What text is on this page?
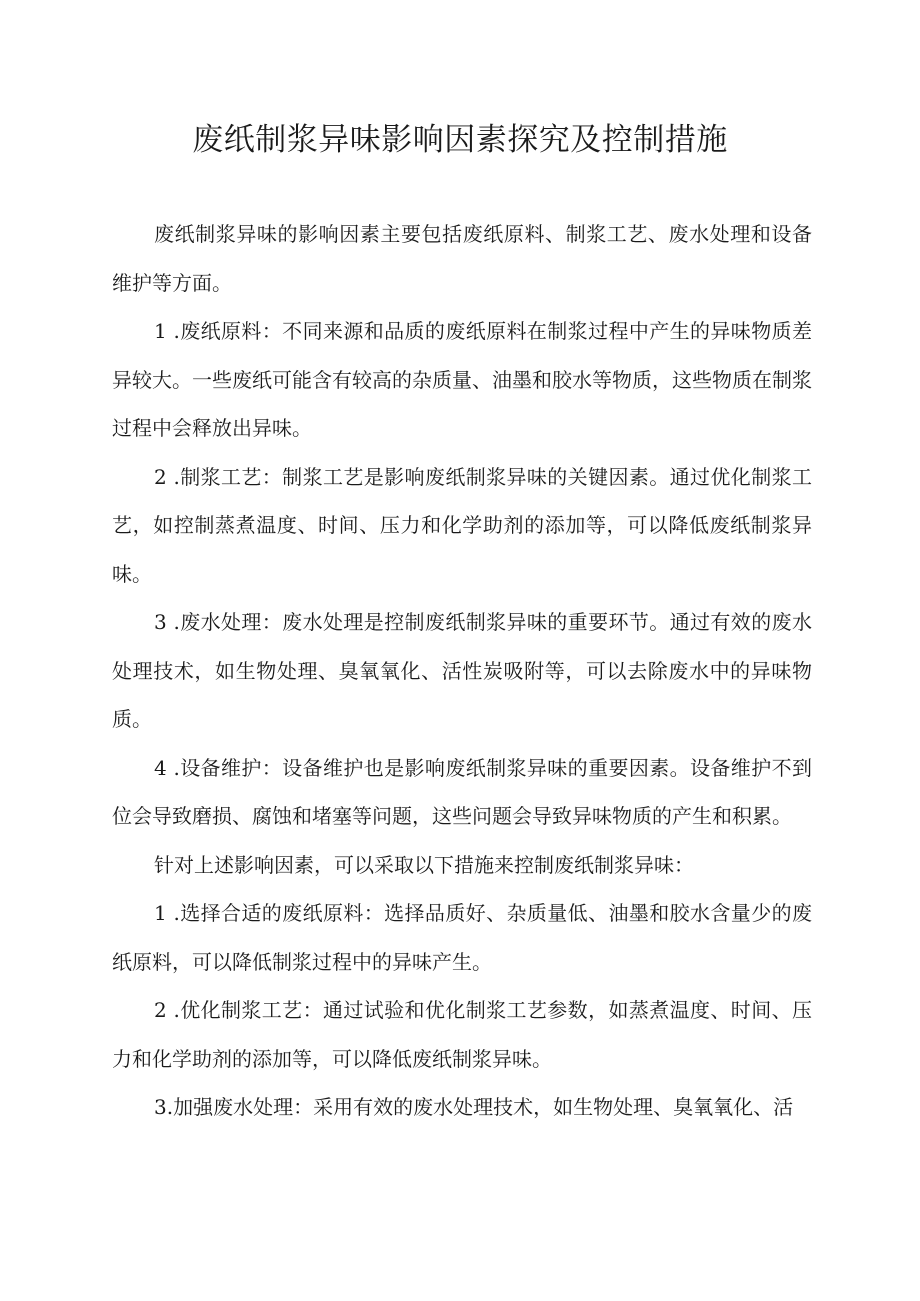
废纸制浆异味影响因素探究及控制措施

废纸制浆异味的影响因素主要包括废纸原料、制浆工艺、废水处理和设备维护等方面。

1 .废纸原料：不同来源和品质的废纸原料在制浆过程中产生的异味物质差异较大。一些废纸可能含有较高的杂质量、油墨和胶水等物质，这些物质在制浆过程中会释放出异味。

2 .制浆工艺：制浆工艺是影响废纸制浆异味的关键因素。通过优化制浆工艺，如控制蒸煮温度、时间、压力和化学助剂的添加等，可以降低废纸制浆异味。

3 .废水处理：废水处理是控制废纸制浆异味的重要环节。通过有效的废水处理技术，如生物处理、臭氧氧化、活性炭吸附等，可以去除废水中的异味物质。

4 .设备维护：设备维护也是影响废纸制浆异味的重要因素。设备维护不到位会导致磨损、腐蚀和堵塞等问题，这些问题会导致异味物质的产生和积累。

针对上述影响因素，可以采取以下措施来控制废纸制浆异味：

1 .选择合适的废纸原料：选择品质好、杂质量低、油墨和胶水含量少的废纸原料，可以降低制浆过程中的异味产生。

2 .优化制浆工艺：通过试验和优化制浆工艺参数，如蒸煮温度、时间、压力和化学助剂的添加等，可以降低废纸制浆异味。

3.加强废水处理：采用有效的废水处理技术，如生物处理、臭氧氧化、活
